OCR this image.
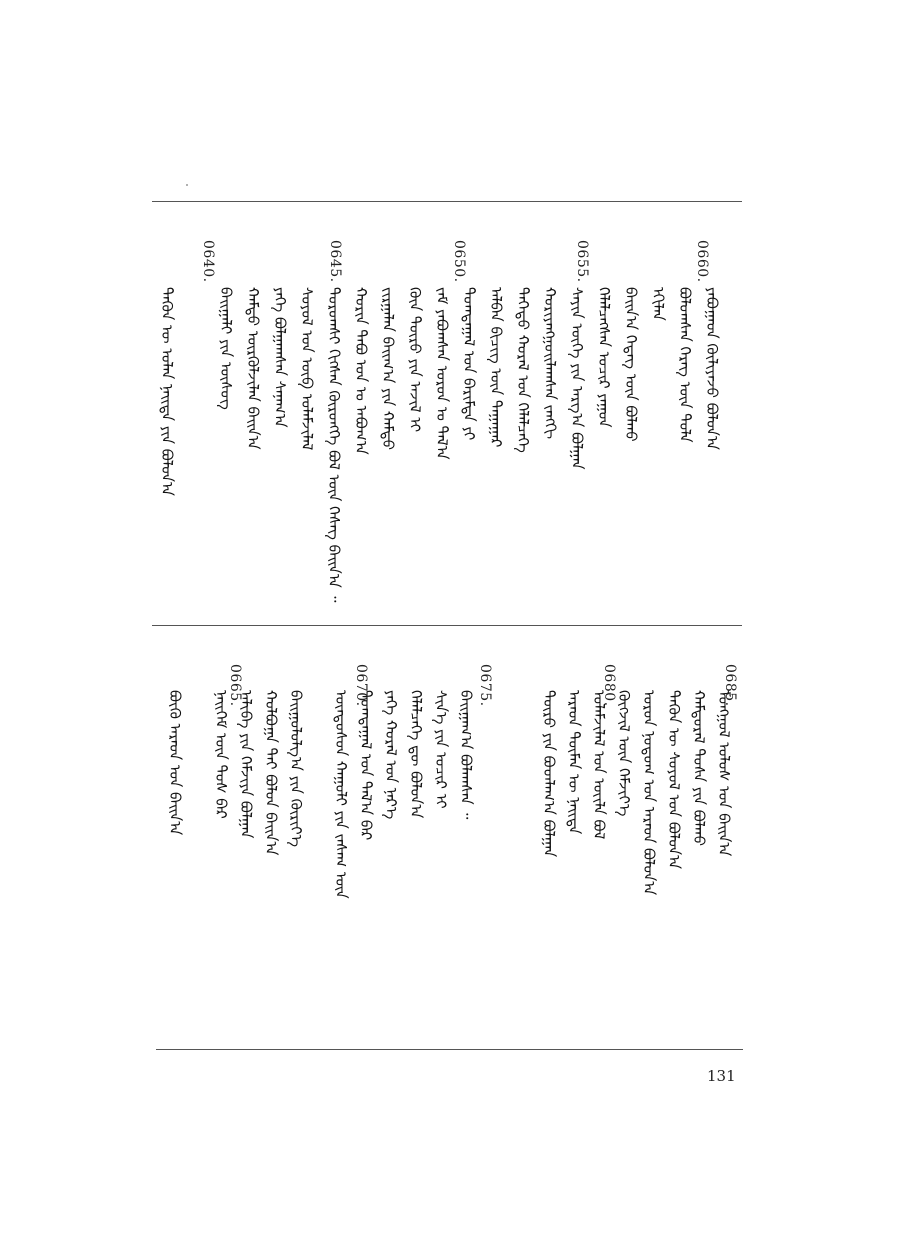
ᠶᠠᠪᠤᠭᠠᠳ ᠬᠦᠯᠢᠶᠡᠵᠦ ᠪᠣᠯᠤᠨ᠎ᠠ
ᠪᠣᠯᠣᠭᠰᠠᠨ ᠬᠡᠷᠡᠭ ᠦᠨ ᠲᠤᠯᠠ
ᠡᠬᠢᠯᠡᠨ
ᠪᠠᠢᠨ᠎ᠠ ᠭᠡᠳᠡᠭ ᠦᠨ ᠪᠣᠯᠬᠤ
ᠬᠡᠯᠡᠯᠴᠡᠭᠰᠡᠨ ᠤᠴᠢᠷ ᠶᠠᠭᠤᠨ
ᠰᠠᠶᠢᠨ ᠦᠭᠡ ᠶᠢᠨ ᠠᠷᠭ᠎ᠠ ᠪᠣᠯᠭᠠᠨ
ᠬᠤᠷᠢᠶᠠᠩᠭᠤᠢᠯᠠᠭᠰᠠᠨ ᠵᠠᠩᠭᠢ
ᠳᠡᠭᠡᠳᠦ ᠬᠤᠷᠠᠯ ᠤᠨ ᠬᠡᠯᠡᠯᠴᠡᠭᠡ
ᠠᠯᠪᠠᠨ ᠪᠢᠴᠢᠭ ᠦᠨ ᠳᠠᠭᠠᠭᠠᠷ
ᠲᠣᠭᠲᠠᠭᠠᠯ ᠤᠨ ᠪᠠᠷᠢᠮᠲᠠ ᠶᠢ
ᠵᠠᠮ ᠶᠠᠪᠤᠭᠰᠠᠨ ᠣᠷᠣᠨ ᠤ ᠲᠠᠯ᠎ᠠ
ᠬᠦᠨ ᠲᠥᠷᠥ ᠶᠢᠨ ᠠᠵᠢᠯ ᠢ
ᠵᠢᠷᠭᠠᠯᠠᠨ ᠪᠠᠢᠭ᠎ᠠ ᠶᠢᠨ ᠬᠠᠮᠲᠤ
ᠬᠣᠷᠢᠨ ᠲᠠᠪᠤ ᠣᠨ ᠤ ᠠᠪᠤᠭ᠎ᠠ
ᠳᠣᠷᠣᠭᠰᠢ ᠬᠢᠭᠰᠡᠨ ᠬᠥᠷᠦᠩᠭᠡ ᠪᠣᠯ ᠦᠨ ᠬᠡᠰᠡᠭ ᠪᠠᠢᠨ᠎ᠠ ᠃
ᠰᠣᠶᠣᠯ ᠤᠨ ᠥᠪ ᠤᠯᠠᠮᠵᠢᠯᠠᠯ
ᠶᠡᠬᠡ ᠪᠣᠯᠭᠠᠭᠰᠠᠨ ᠰᠠᠨᠠᠭ᠎ᠠ
ᠬᠠᠮᠲᠤ ᠦᠷᠭᠦᠯᠵᠢᠯᠡᠨ ᠪᠠᠢᠨ᠎ᠠ
ᠪᠠᠢᠭᠠᠯᠢ ᠶᠢᠨ ᠦᠰᠦᠭ
ᠲᠡᠭᠦᠨ ᠦ ᠣᠯᠠᠨ ᠨᠡᠢᠲᠡ ᠶᠢᠨ ᠪᠣᠯᠤᠨ᠎ᠠ
0660.
0655.
0650.
0645.
0640.
ᠮᠣᠩᠭᠣᠯ ᠤᠯᠤᠰ ᠤᠨ ᠪᠠᠢᠨ᠎ᠠ
ᠬᠠᠮᠲᠤᠷᠠᠯ ᠲᠤᠰᠠ ᠶᠢᠨ ᠪᠣᠯᠬᠤ
ᠲᠡᠭᠦᠨ ᠦ ᠰᠣᠶᠣᠯ ᠤᠨ ᠪᠣᠯᠤᠨ᠎ᠠ
ᠣᠷᠣᠨ ᠨᠤᠲᠤᠭ ᠤᠨ ᠠᠷᠠᠳ ᠪᠣᠯᠤᠨ᠎ᠠ
ᠬᠥᠭᠵᠢᠯ ᠦᠨ ᠬᠡᠮᠵᠢᠶ᠎ᠡ
ᠤᠯᠠᠮᠵᠢᠯᠠᠯ ᠤᠨ ᠦᠢᠯᠡ ᠪᠣᠯ
ᠠᠷᠠᠳ ᠲᠦᠮᠡᠨ ᠦ ᠨᠡᠢᠲᠡ
ᠲᠥᠷᠥ ᠶᠢᠨ ᠪᠣᠳᠯᠠᠭ᠎ᠠ ᠪᠣᠯᠭᠠᠨ
ᠪᠠᠢᠭᠠᠭ᠎ᠠ ᠪᠣᠯᠠᠭᠰᠠᠨ ᠃
ᠰᠢᠨ᠎ᠡ ᠶᠢᠨ ᠤᠴᠢᠷ ᠢ
ᠬᠡᠯᠡᠯᠴᠡᠭᠡ ᠳᠦ ᠪᠣᠯᠤᠨ᠎ᠠ
ᠶᠡᠬᠡ ᠬᠤᠷᠠᠯ ᠤᠨ ᠨᠡᠷ᠎ᠡ
ᠲᠣᠭᠲᠠᠭᠠᠯ ᠤᠨ ᠲᠠᠯ᠎ᠠ ᠪᠡᠷ
ᠦᠨᠳᠦᠰᠦᠨ ᠬᠠᠭᠤᠯᠢ ᠶᠢᠨ ᠵᠠᠰᠠᠭ ᠦᠨ
ᠪᠠᠢᠭᠤᠯᠤᠯᠭ᠎ᠠ ᠶᠢᠨ ᠬᠦᠷᠢᠶ᠎ᠡ
ᠬᠣᠯᠪᠣᠭᠠ ᠲᠠᠢ ᠪᠣᠯᠤᠨ ᠪᠠᠢᠨ᠎ᠠ
ᠠᠯᠢᠪᠠ ᠶᠢᠨ ᠬᠡᠮᠵᠢᠶᠡ ᠪᠣᠯᠭᠠᠨ
ᠨᠡᠢᠭᠡᠮ ᠦᠨ ᠲᠤᠰ ᠪᠡᠷ
ᠪᠦᠬᠦ ᠠᠷᠠᠳ ᠤᠨ ᠪᠠᠢᠨ᠎ᠠ
0685.
0680.
0675.
0670.
0665.
131
